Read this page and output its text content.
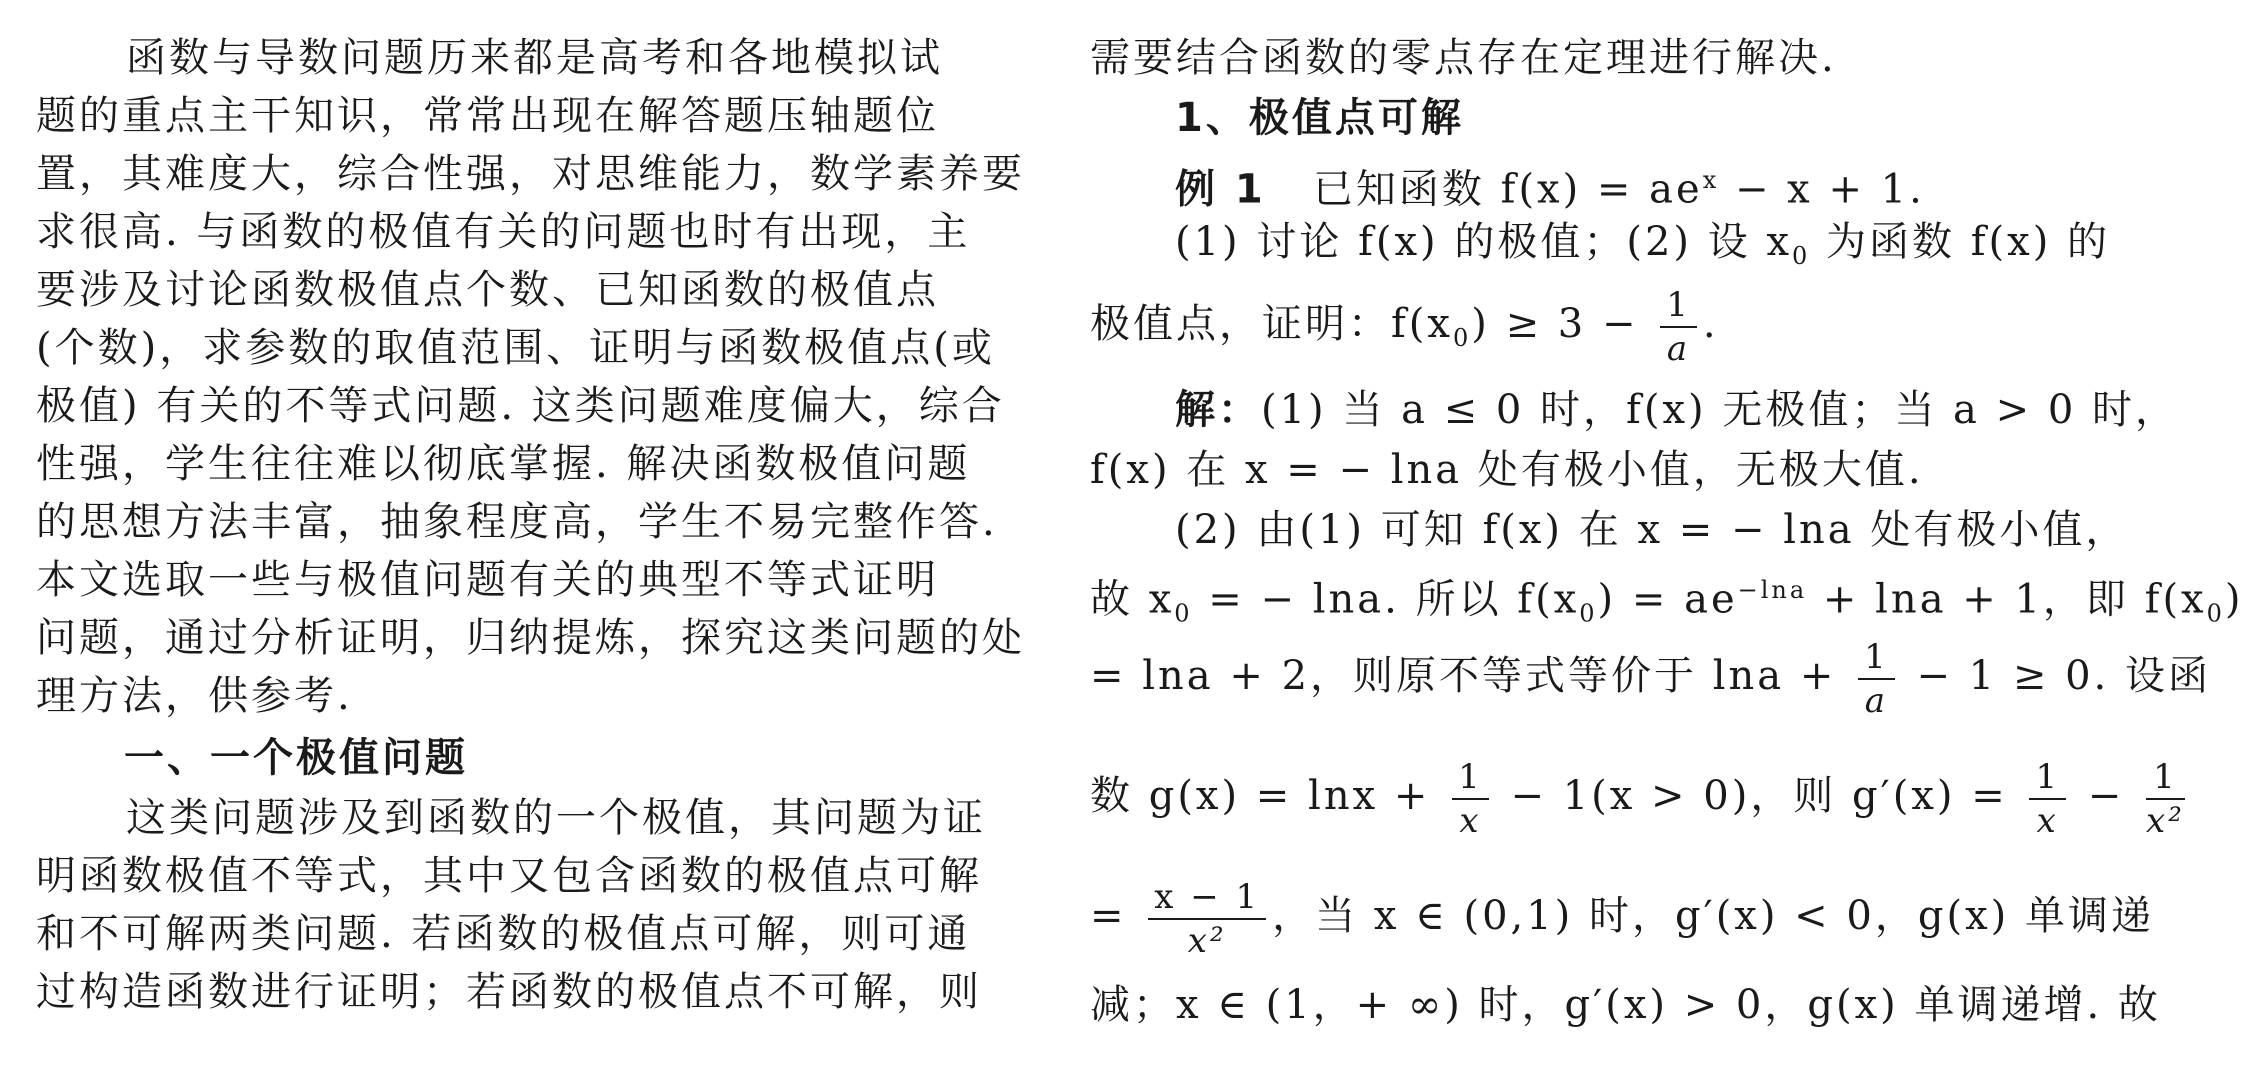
函数与导数问题历来都是高考和各地模拟试
题的重点主干知识，常常出现在解答题压轴题位
置，其难度大，综合性强，对思维能力，数学素养要
求很高. 与函数的极值有关的问题也时有出现，主
要涉及讨论函数极值点个数、已知函数的极值点
(个数)，求参数的取值范围、证明与函数极值点(或
极值) 有关的不等式问题. 这类问题难度偏大，综合
性强，学生往往难以彻底掌握. 解决函数极值问题
的思想方法丰富，抽象程度高，学生不易完整作答.
本文选取一些与极值问题有关的典型不等式证明
问题，通过分析证明，归纳提炼，探究这类问题的处
理方法，供参考.
一、一个极值问题
这类问题涉及到函数的一个极值，其问题为证
明函数极值不等式，其中又包含函数的极值点可解
和不可解两类问题. 若函数的极值点可解，则可通
过构造函数进行证明；若函数的极值点不可解，则
需要结合函数的零点存在定理进行解决.
1、极值点可解
例 1 已知函数 $f(x) = ae^x - x + 1$.
(1) 讨论 f(x) 的极值；(2) 设 $x_0$ 为函数 f(x) 的
极值点，证明：$f(x_0) \ge 3 - \frac{1}{a}$ .
解：(1) 当 a ≤ 0 时，f(x) 无极值；当 a > 0 时，
f(x) 在 x = − lna 处有极小值，无极大值.
(2) 由(1) 可知 f(x) 在 x = − lna 处有极小值，
故 $x_0$ = − lna. 所以 $f(x_0) = ae^{-lna} + \ln a + 1$，即 $f(x_0)$
= lna + 2，则原不等式等价于 $\ln a + \frac{1}{a} - 1 \ge 0$. 设函
数 $g(x) = \ln x + \frac{1}{x} - 1(x > 0)$，则 $g'(x) = \frac{1}{x} - \frac{1}{\text{x²}}$
= $\frac{x - 1}{\text{x²}}$ ，当 x ∈ (0,1) 时，g′(x) < 0，g(x) 单调递
减；x ∈ (1，+ ∞) 时，g′(x) > 0，g(x) 单调递增. 故
